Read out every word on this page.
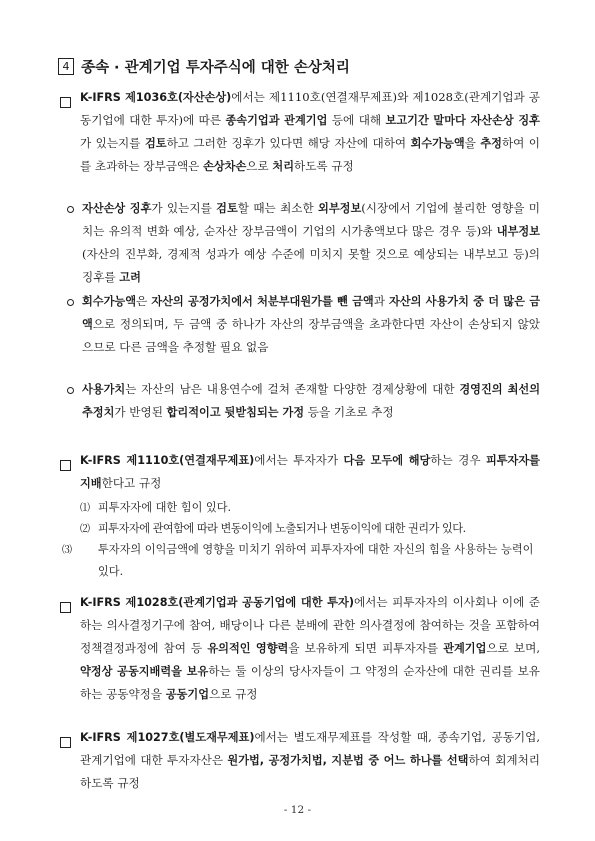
4 종속 · 관계기업 투자주식에 대한 손상처리
K-IFRS 제1036호(자산손상)에서는 제1110호(연결재무제표)와 제1028호(관계기업과 공동기업에 대한 투자)에 따른 종속기업과 관계기업 등에 대해 보고기간 말마다 자산손상 징후가 있는지를 검토하고 그러한 징후가 있다면 해당 자산에 대하여 회수가능액을 추정하여 이를 초과하는 장부금액은 손상차손으로 처리하도록 규정
자산손상 징후가 있는지를 검토할 때는 최소한 외부정보(시장에서 기업에 불리한 영향을 미치는 유의적 변화 예상, 순자산 장부금액이 기업의 시가총액보다 많은 경우 등)와 내부정보(자산의 진부화, 경제적 성과가 예상 수준에 미치지 못할 것으로 예상되는 내부보고 등)의 징후를 고려
회수가능액은 자산의 공정가치에서 처분부대원가를 뺀 금액과 자산의 사용가치 중 더 많은 금액으로 정의되며, 두 금액 중 하나가 자산의 장부금액을 초과한다면 자산이 손상되지 않았으므로 다른 금액을 추정할 필요 없음
사용가치는 자산의 남은 내용연수에 걸쳐 존재할 다양한 경제상황에 대한 경영진의 최선의 추정치가 반영된 합리적이고 뒷받침되는 가정 등을 기초로 추정
K-IFRS 제1110호(연결재무제표)에서는 투자자가 다음 모두에 해당하는 경우 피투자자를 지배한다고 규정
⑴ 피투자자에 대한 힘이 있다.
⑵ 피투자자에 관여함에 따라 변동이익에 노출되거나 변동이익에 대한 권리가 있다.
⑶ 투자자의 이익금액에 영향을 미치기 위하여 피투자자에 대한 자신의 힘을 사용하는 능력이 있다.
K-IFRS 제1028호(관계기업과 공동기업에 대한 투자)에서는 피투자자의 이사회나 이에 준하는 의사결정기구에 참여, 배당이나 다른 분배에 관한 의사결정에 참여하는 것을 포함하여 정책결정과정에 참여 등 유의적인 영향력을 보유하게 되면 피투자자를 관계기업으로 보며, 약정상 공동지배력을 보유하는 둘 이상의 당사자들이 그 약정의 순자산에 대한 권리를 보유하는 공동약정을 공동기업으로 규정
K-IFRS 제1027호(별도재무제표)에서는 별도재무제표를 작성할 때, 종속기업, 공동기업, 관계기업에 대한 투자자산은 원가법, 공정가치법, 지분법 중 어느 하나를 선택하여 회계처리하도록 규정
- 12 -
